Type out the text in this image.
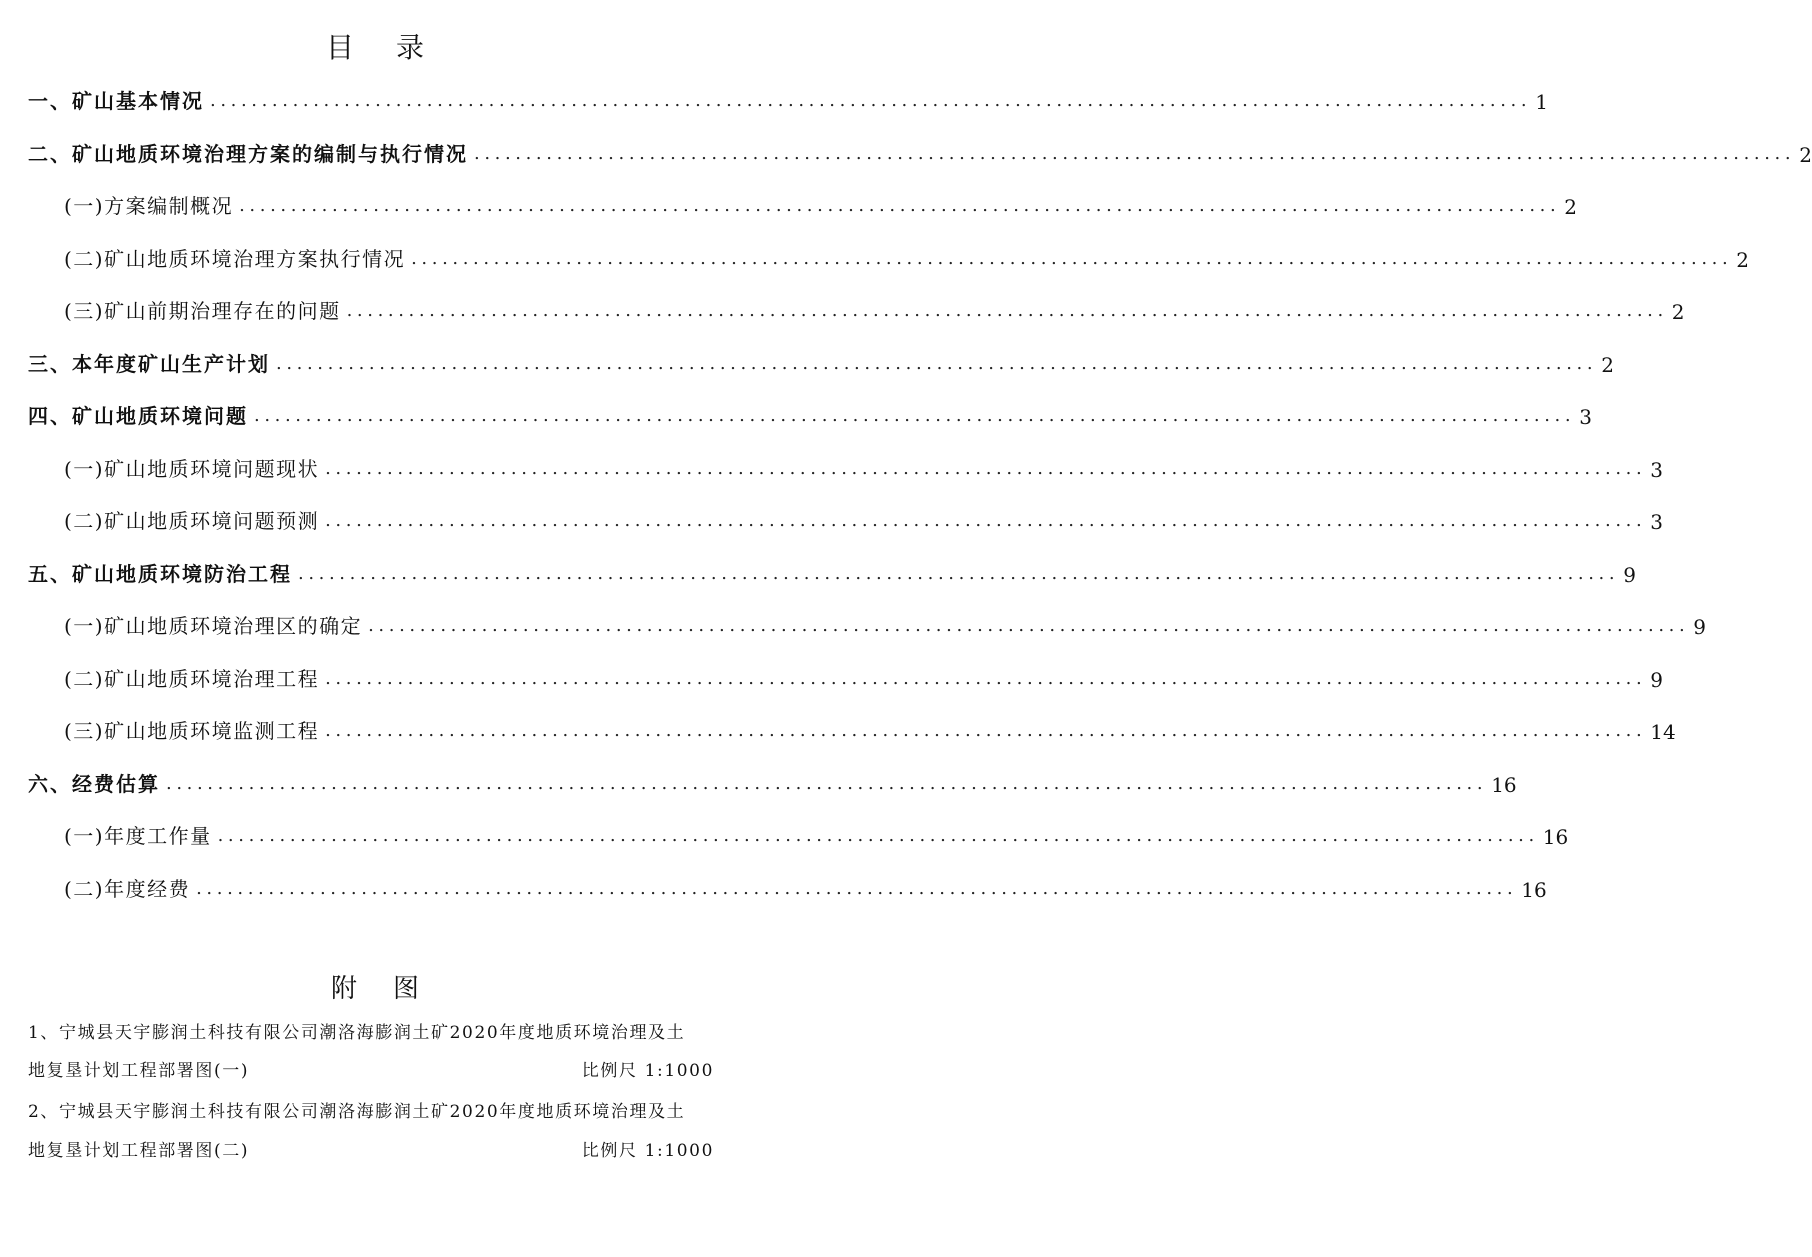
目录
一、矿山基本情况 ................................................................................................................................ 1
二、矿山地质环境治理方案的编制与执行情况 ................................................................................................................................ 2
(一)方案编制概况 ................................................................................................................................ 2
(二)矿山地质环境治理方案执行情况 ................................................................................................................................ 2
(三)矿山前期治理存在的问题 ................................................................................................................................ 2
三、本年度矿山生产计划 ................................................................................................................................ 2
四、矿山地质环境问题 ................................................................................................................................ 3
(一)矿山地质环境问题现状 ................................................................................................................................ 3
(二)矿山地质环境问题预测 ................................................................................................................................ 3
五、矿山地质环境防治工程 ................................................................................................................................ 9
(一)矿山地质环境治理区的确定 ................................................................................................................................ 9
(二)矿山地质环境治理工程 ................................................................................................................................ 9
(三)矿山地质环境监测工程 ................................................................................................................................ 14
六、经费估算 ................................................................................................................................ 16
(一)年度工作量 ................................................................................................................................ 16
(二)年度经费 ................................................................................................................................ 16
附图
1、宁城县天宇膨润土科技有限公司潮洛海膨润土矿2020年度地质环境治理及土
地复垦计划工程部署图(一)	比例尺 1:1000
2、宁城县天宇膨润土科技有限公司潮洛海膨润土矿2020年度地质环境治理及土
地复垦计划工程部署图(二)	比例尺 1:1000
